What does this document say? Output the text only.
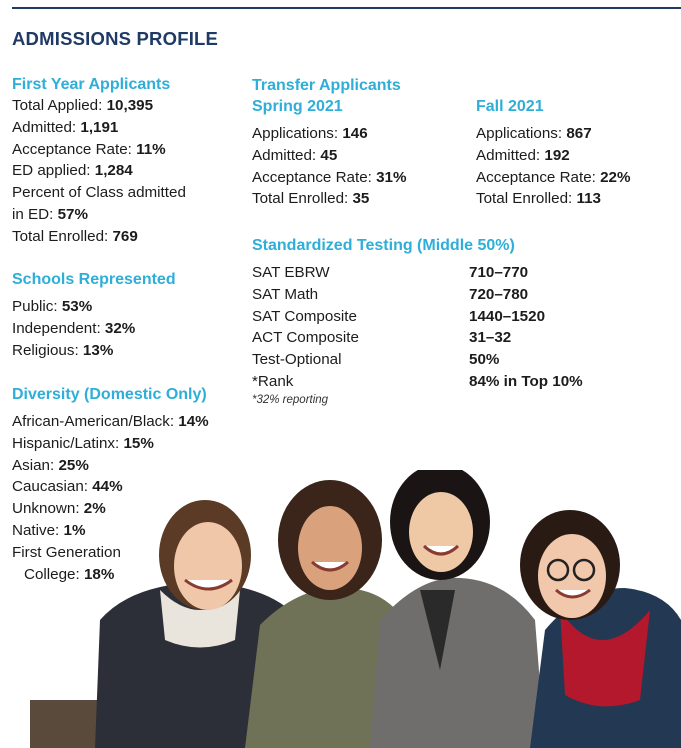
ADMISSIONS PROFILE
First Year Applicants
Total Applied: 10,395
Admitted: 1,191
Acceptance Rate: 11%
ED applied: 1,284
Percent of Class admitted
in ED: 57%
Total Enrolled: 769
Schools Represented
Public: 53%
Independent: 32%
Religious: 13%
Diversity (Domestic Only)
African-American/Black: 14%
Hispanic/Latinx: 15%
Asian: 25%
Caucasian: 44%
Unknown: 2%
Native: 1%
First Generation
College: 18%
Transfer Applicants
Spring 2021
Applications: 146
Admitted: 45
Acceptance Rate: 31%
Total Enrolled: 35
Fall 2021
Applications: 867
Admitted: 192
Acceptance Rate: 22%
Total Enrolled: 113
Standardized Testing (Middle 50%)
SAT EBRW	710–770
SAT Math	720–780
SAT Composite	1440–1520
ACT Composite	31–32
Test-Optional	50%
*Rank	84% in Top 10%
*32% reporting
